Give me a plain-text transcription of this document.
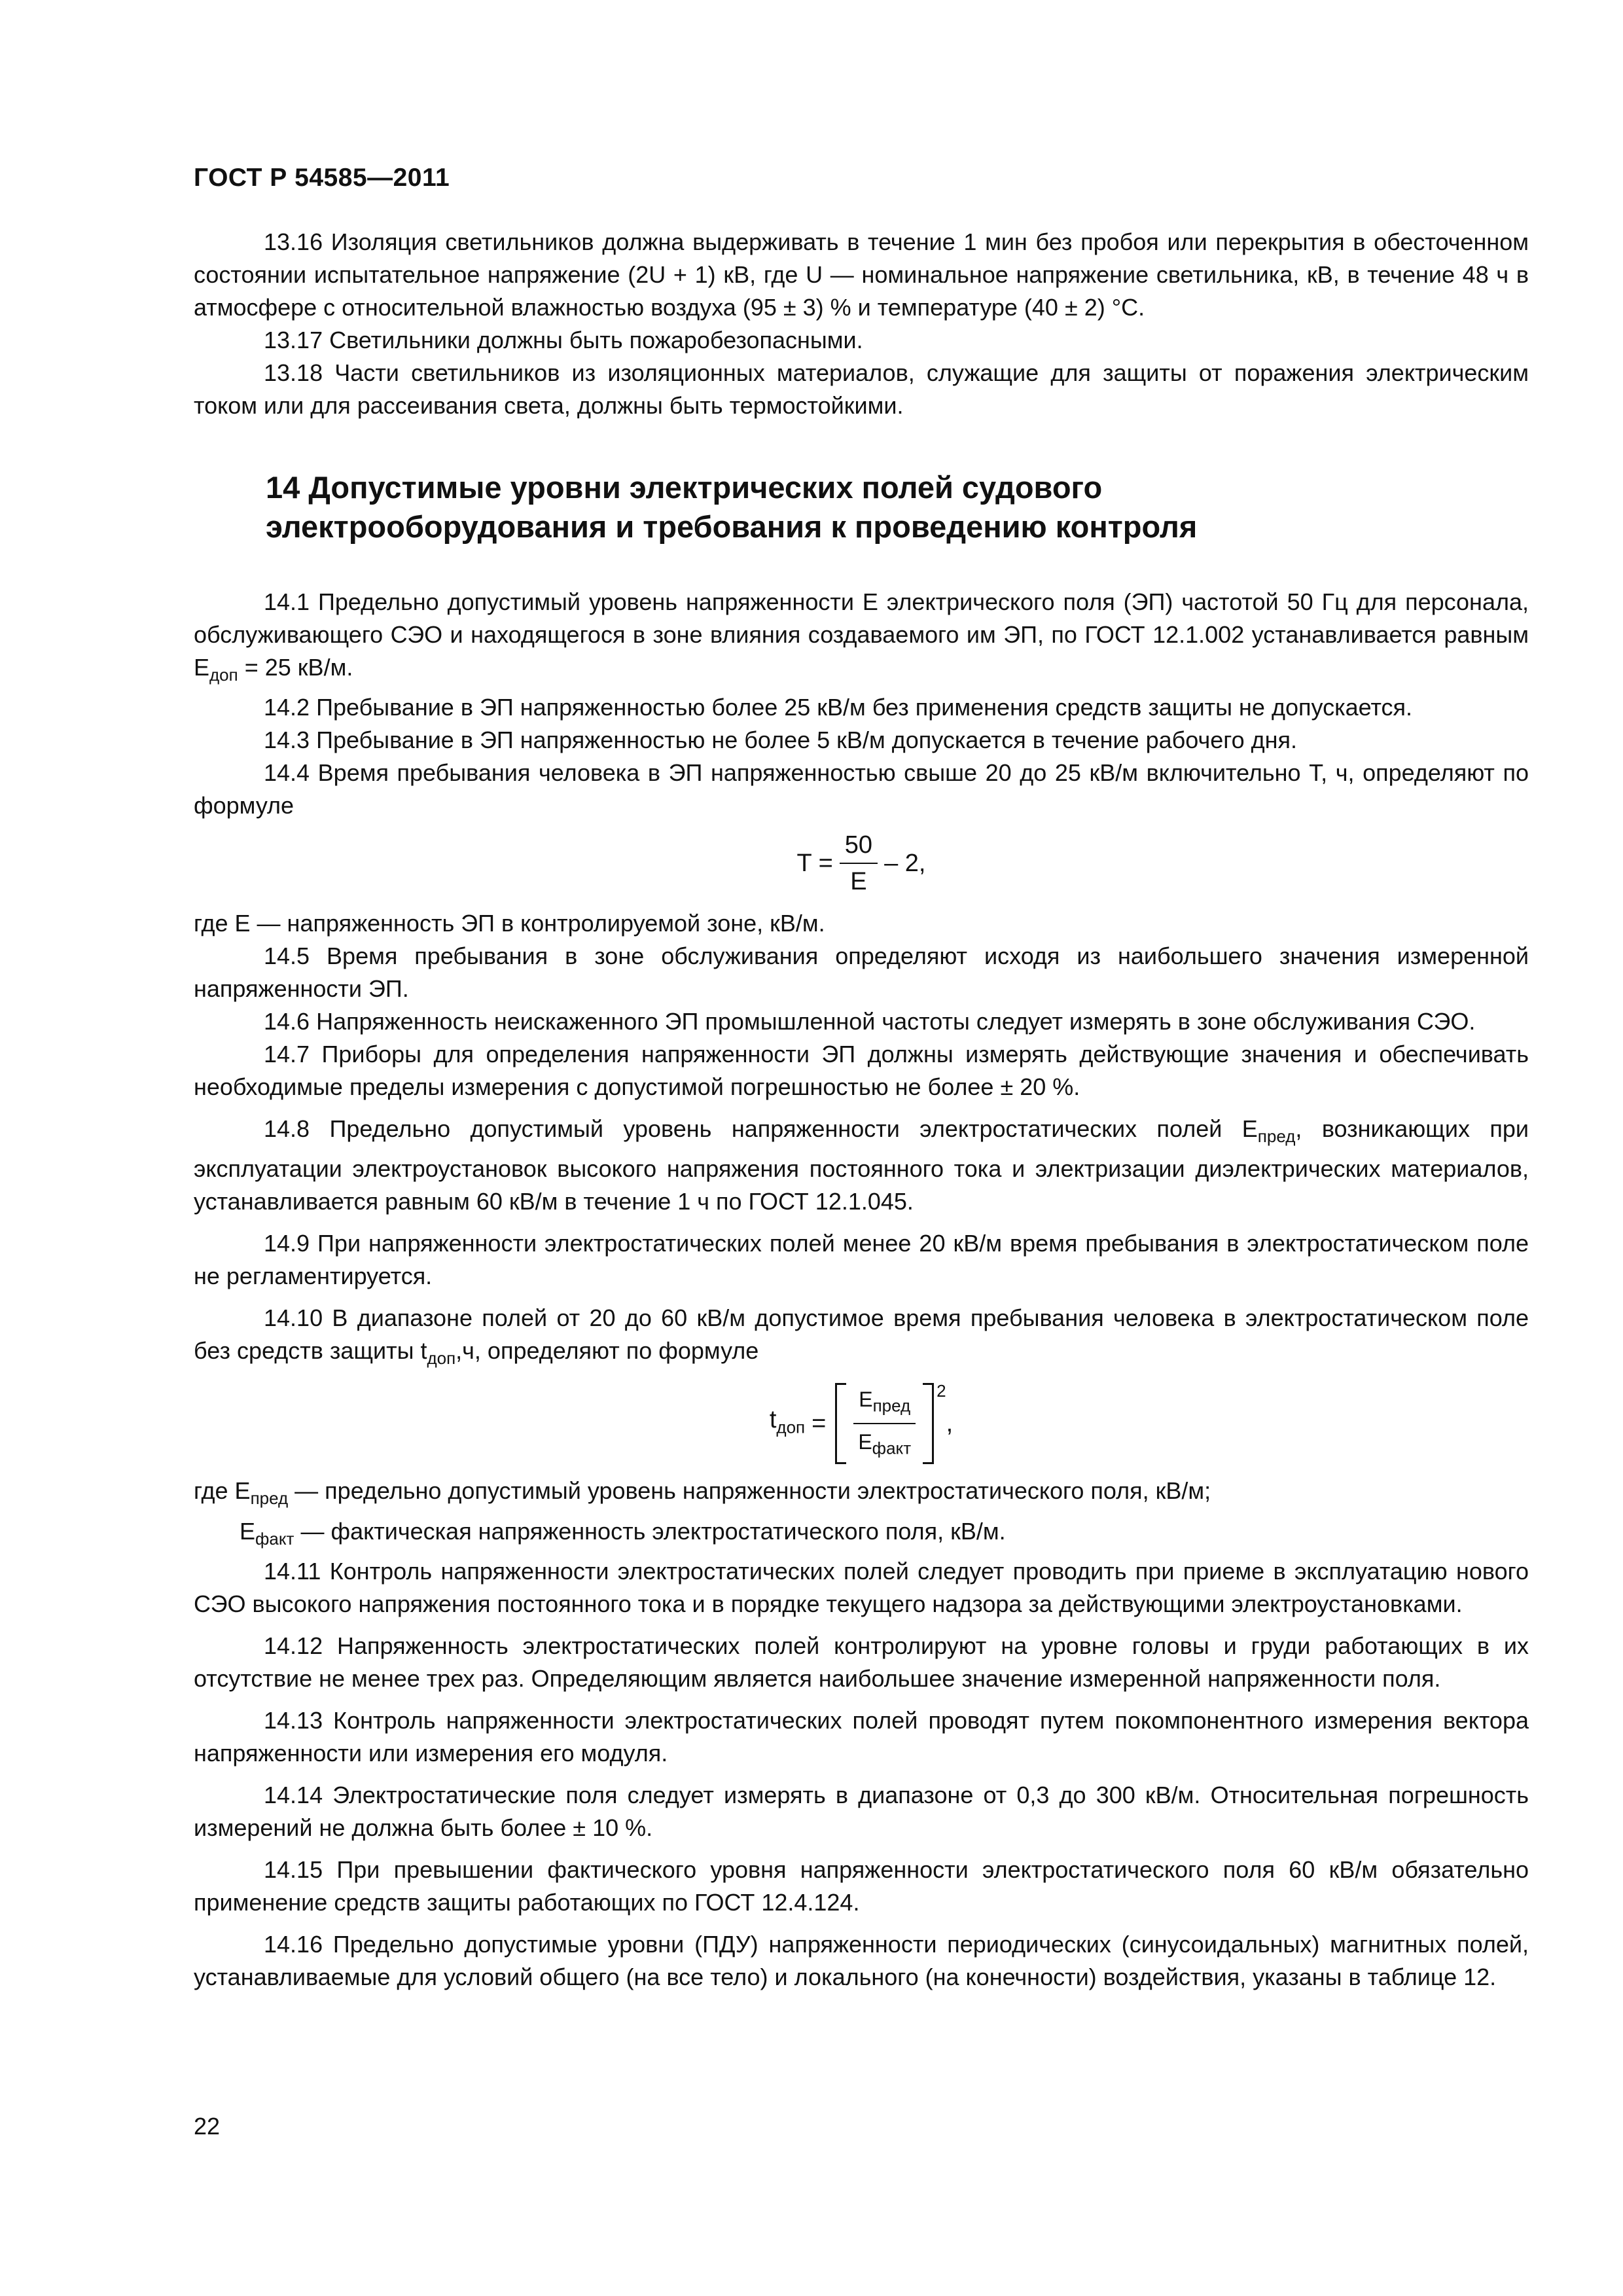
ГОСТ Р 54585—2011

13.16 Изоляция светильников должна выдерживать в течение 1 мин без пробоя или перекрытия в обесточенном состоянии испытательное напряжение (2U + 1) кВ, где U — номинальное напряжение светильника, кВ, в течение 48 ч в атмосфере с относительной влажностью воздуха (95 ± 3) % и температуре (40 ± 2) °С.

13.17 Светильники должны быть пожаробезопасными.

13.18 Части светильников из изоляционных материалов, служащие для защиты от поражения электрическим током или для рассеивания света, должны быть термостойкими.

14 Допустимые уровни электрических полей судового
электрооборудования и требования к проведению контроля

14.1 Предельно допустимый уровень напряженности E электрического поля (ЭП) частотой 50 Гц для персонала, обслуживающего СЭО и находящегося в зоне влияния создаваемого им ЭП, по ГОСТ 12.1.002 устанавливается равным $E_{доп} = 25$ кВ/м.

14.2 Пребывание в ЭП напряженностью более 25 кВ/м без применения средств защиты не допускается.

14.3 Пребывание в ЭП напряженностью не более 5 кВ/м допускается в течение рабочего дня.

14.4 Время пребывания человека в ЭП напряженностью свыше 20 до 25 кВ/м включительно T, ч, определяют по формуле

$T = \frac{50}{E} - 2$,

где E — напряженность ЭП в контролируемой зоне, кВ/м.

14.5 Время пребывания в зоне обслуживания определяют исходя из наибольшего значения измеренной напряженности ЭП.

14.6 Напряженность неискаженного ЭП промышленной частоты следует измерять в зоне обслуживания СЭО.

14.7 Приборы для определения напряженности ЭП должны измерять действующие значения и обеспечивать необходимые пределы измерения с допустимой погрешностью не более ± 20 %.

14.8 Предельно допустимый уровень напряженности электростатических полей $E_{пред}$, возникающих при эксплуатации электроустановок высокого напряжения постоянного тока и электризации диэлектрических материалов, устанавливается равным 60 кВ/м в течение 1 ч по ГОСТ 12.1.045.

14.9 При напряженности электростатических полей менее 20 кВ/м время пребывания в электростатическом поле не регламентируется.

14.10 В диапазоне полей от 20 до 60 кВ/м допустимое время пребывания человека в электростатическом поле без средств защиты $t_{доп},ч$, определяют по формуле

$t_{доп} = \frac{E_{пред}}{E_{факт}} 2$
,

где $E_{пред}$ — предельно допустимый уровень напряженности электростатического поля, кВ/м;

$E_{факт}$ — фактическая напряженность электростатического поля, кВ/м.

14.11 Контроль напряженности электростатических полей следует проводить при приеме в эксплуатацию нового СЭО высокого напряжения постоянного тока и в порядке текущего надзора за действующими электроустановками.

14.12 Напряженность электростатических полей контролируют на уровне головы и груди работающих в их отсутствие не менее трех раз. Определяющим является наибольшее значение измеренной напряженности поля.

14.13 Контроль напряженности электростатических полей проводят путем покомпонентного измерения вектора напряженности или измерения его модуля.

14.14 Электростатические поля следует измерять в диапазоне от 0,3 до 300 кВ/м. Относительная погрешность измерений не должна быть более ± 10 %.

14.15 При превышении фактического уровня напряженности электростатического поля 60 кВ/м обязательно применение средств защиты работающих по ГОСТ 12.4.124.

14.16 Предельно допустимые уровни (ПДУ) напряженности периодических (синусоидальных) магнитных полей, устанавливаемые для условий общего (на все тело) и локального (на конечности) воздействия, указаны в таблице 12.

22
